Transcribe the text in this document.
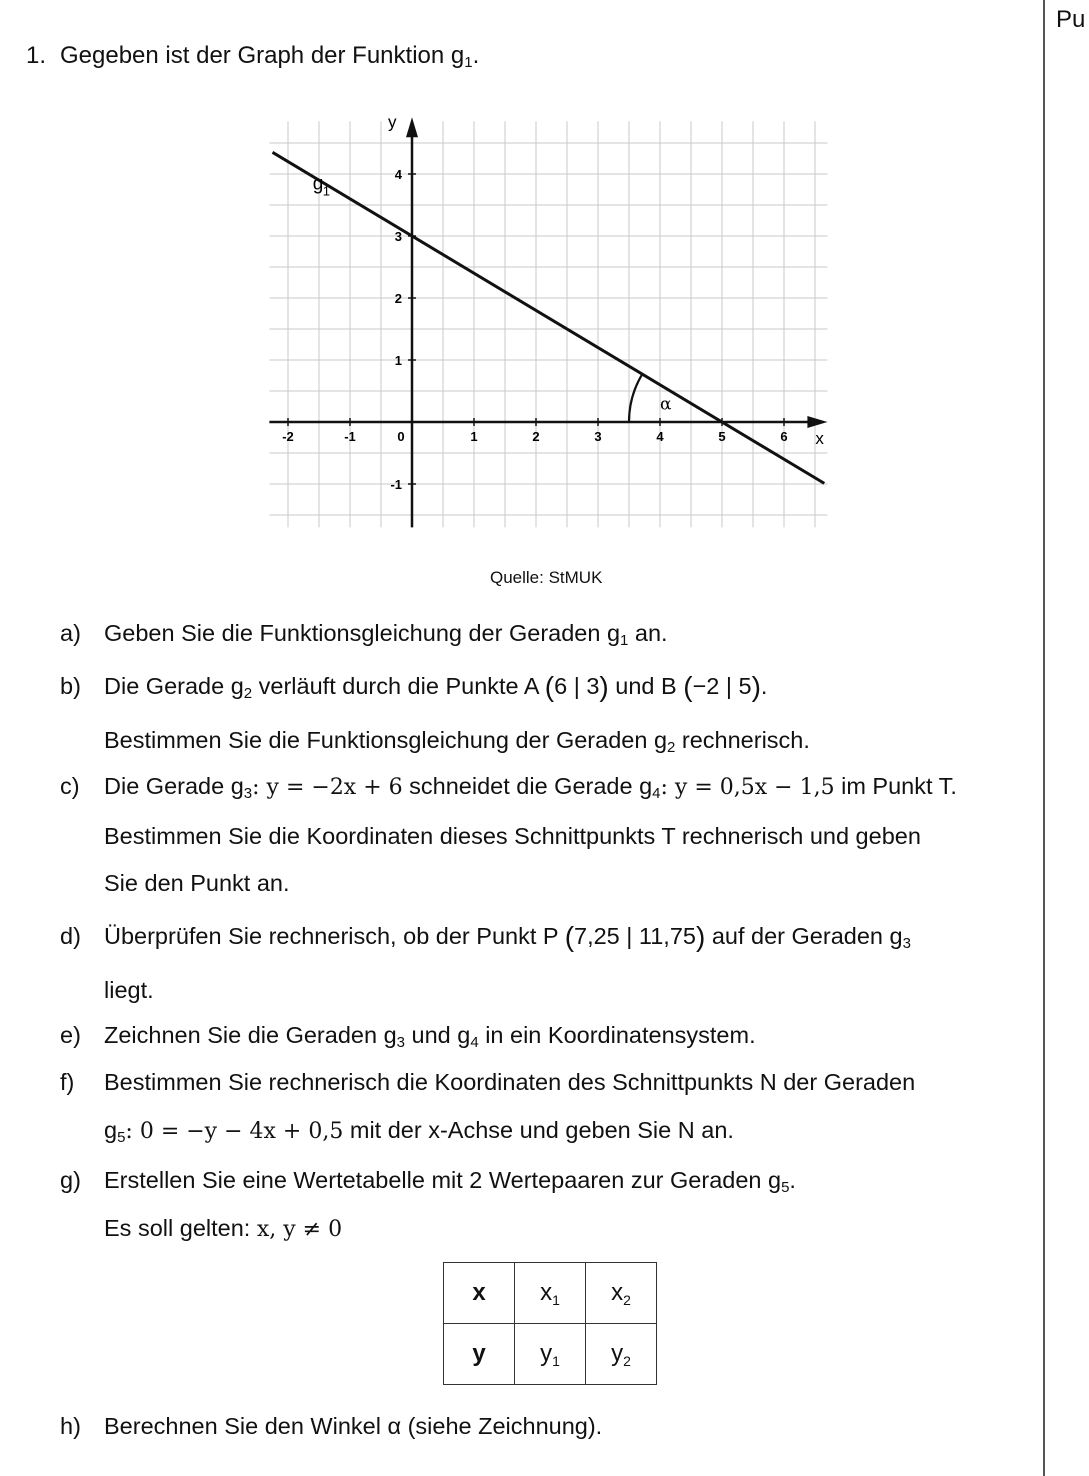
Pu
1. Gegeben ist der Graph der Funktion $g_1$.
-2	-1	0	1	2	3	4	5	6
4
3
2
1
-1
x
y
g 1
α
Quelle: StMUK
a) Geben Sie die Funktionsgleichung der Geraden $g_1$ an.
b) Die Gerade $g_2$ verläuft durch die Punkte A (6 | 3) und B (−2 | 5).
Bestimmen Sie die Funktionsgleichung der Geraden $g_2$ rechnerisch.
c) Die Gerade $g_3$: y = −2x + 6 schneidet die Gerade $g_4$: y = 0,5x − 1,5 im Punkt T.
Bestimmen Sie die Koordinaten dieses Schnittpunkts T rechnerisch und geben
Sie den Punkt an.
d) Überprüfen Sie rechnerisch, ob der Punkt P (7,25 | 11,75) auf der Geraden $g_3$
liegt.
e) Zeichnen Sie die Geraden $g_3$ und $g_4$ in ein Koordinatensystem.
f) Bestimmen Sie rechnerisch die Koordinaten des Schnittpunkts N der Geraden
$g_5$: 0 = −y − 4x + 0,5 mit der x-Achse und geben Sie N an.
g) Erstellen Sie eine Wertetabelle mit 2 Wertepaaren zur Geraden $g_5$.
Es soll gelten: x, y ≠ 0
x	$x_1$	$x_2$
y	$y_1$	$y_2$
h) Berechnen Sie den Winkel α (siehe Zeichnung).
